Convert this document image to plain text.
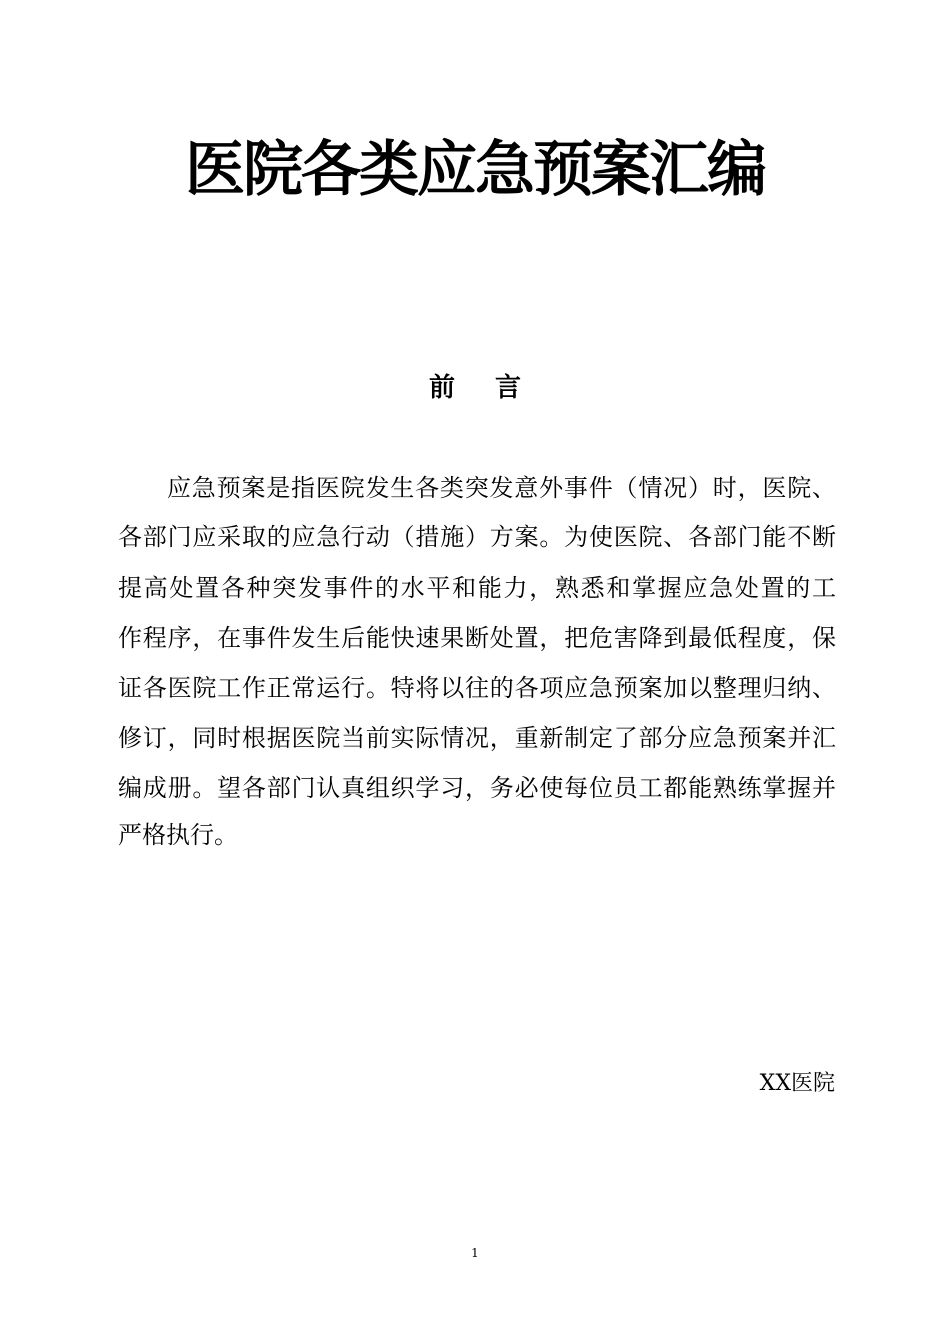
医院各类应急预案汇编
前 言
应急预案是指医院发生各类突发意外事件（情况）时，医院、
各部门应采取的应急行动（措施）方案。为使医院、各部门能不断
提高处置各种突发事件的水平和能力，熟悉和掌握应急处置的工
作程序，在事件发生后能快速果断处置，把危害降到最低程度，保
证各医院工作正常运行。特将以往的各项应急预案加以整理归纳、
修订，同时根据医院当前实际情况，重新制定了部分应急预案并汇
编成册。望各部门认真组织学习，务必使每位员工都能熟练掌握并
严格执行。
XX医院
1
